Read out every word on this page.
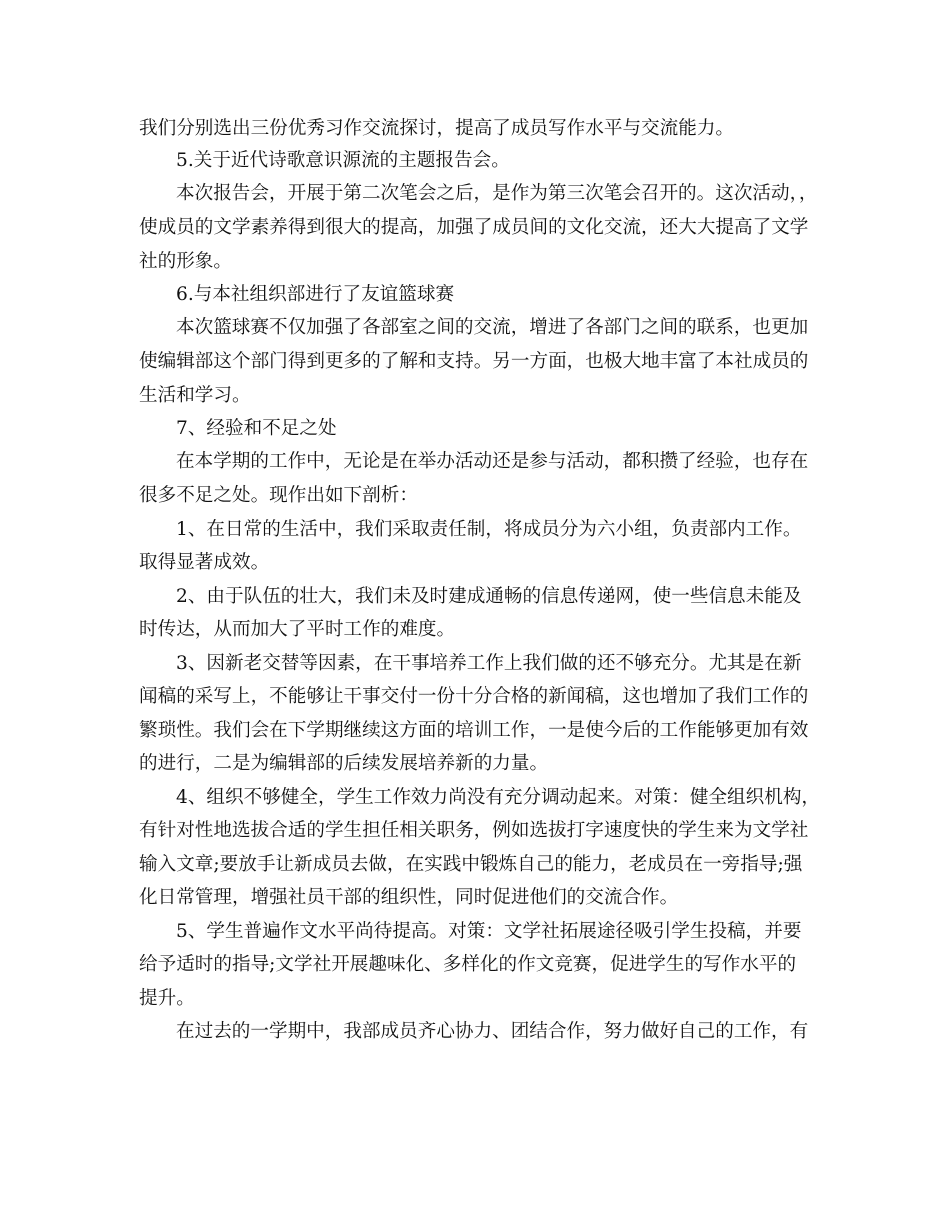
我们分别选出三份优秀习作交流探讨，提高了成员写作水平与交流能力。

5.关于近代诗歌意识源流的主题报告会。

本次报告会，开展于第二次笔会之后，是作为第三次笔会召开的。这次活动，，

使成员的文学素养得到很大的提高，加强了成员间的文化交流，还大大提高了文学

社的形象。

6.与本社组织部进行了友谊篮球赛

本次篮球赛不仅加强了各部室之间的交流，增进了各部门之间的联系，也更加

使编辑部这个部门得到更多的了解和支持。另一方面，也极大地丰富了本社成员的

生活和学习。

7、经验和不足之处

在本学期的工作中，无论是在举办活动还是参与活动，都积攒了经验，也存在

很多不足之处。现作出如下剖析：

1、在日常的生活中，我们采取责任制，将成员分为六小组，负责部内工作。

取得显著成效。

2、由于队伍的壮大，我们未及时建成通畅的信息传递网，使一些信息未能及

时传达，从而加大了平时工作的难度。

3、因新老交替等因素，在干事培养工作上我们做的还不够充分。尤其是在新

闻稿的采写上，不能够让干事交付一份十分合格的新闻稿，这也增加了我们工作的

繁琐性。我们会在下学期继续这方面的培训工作，一是使今后的工作能够更加有效

的进行，二是为编辑部的后续发展培养新的力量。

4、组织不够健全，学生工作效力尚没有充分调动起来。对策：健全组织机构，

有针对性地选拔合适的学生担任相关职务，例如选拔打字速度快的学生来为文学社

输入文章;要放手让新成员去做，在实践中锻炼自己的能力，老成员在一旁指导;强

化日常管理，增强社员干部的组织性，同时促进他们的交流合作。

5、学生普遍作文水平尚待提高。对策：文学社拓展途径吸引学生投稿，并要

给予适时的指导;文学社开展趣味化、多样化的作文竞赛，促进学生的写作水平的

提升。

在过去的一学期中，我部成员齐心协力、团结合作，努力做好自己的工作，有
